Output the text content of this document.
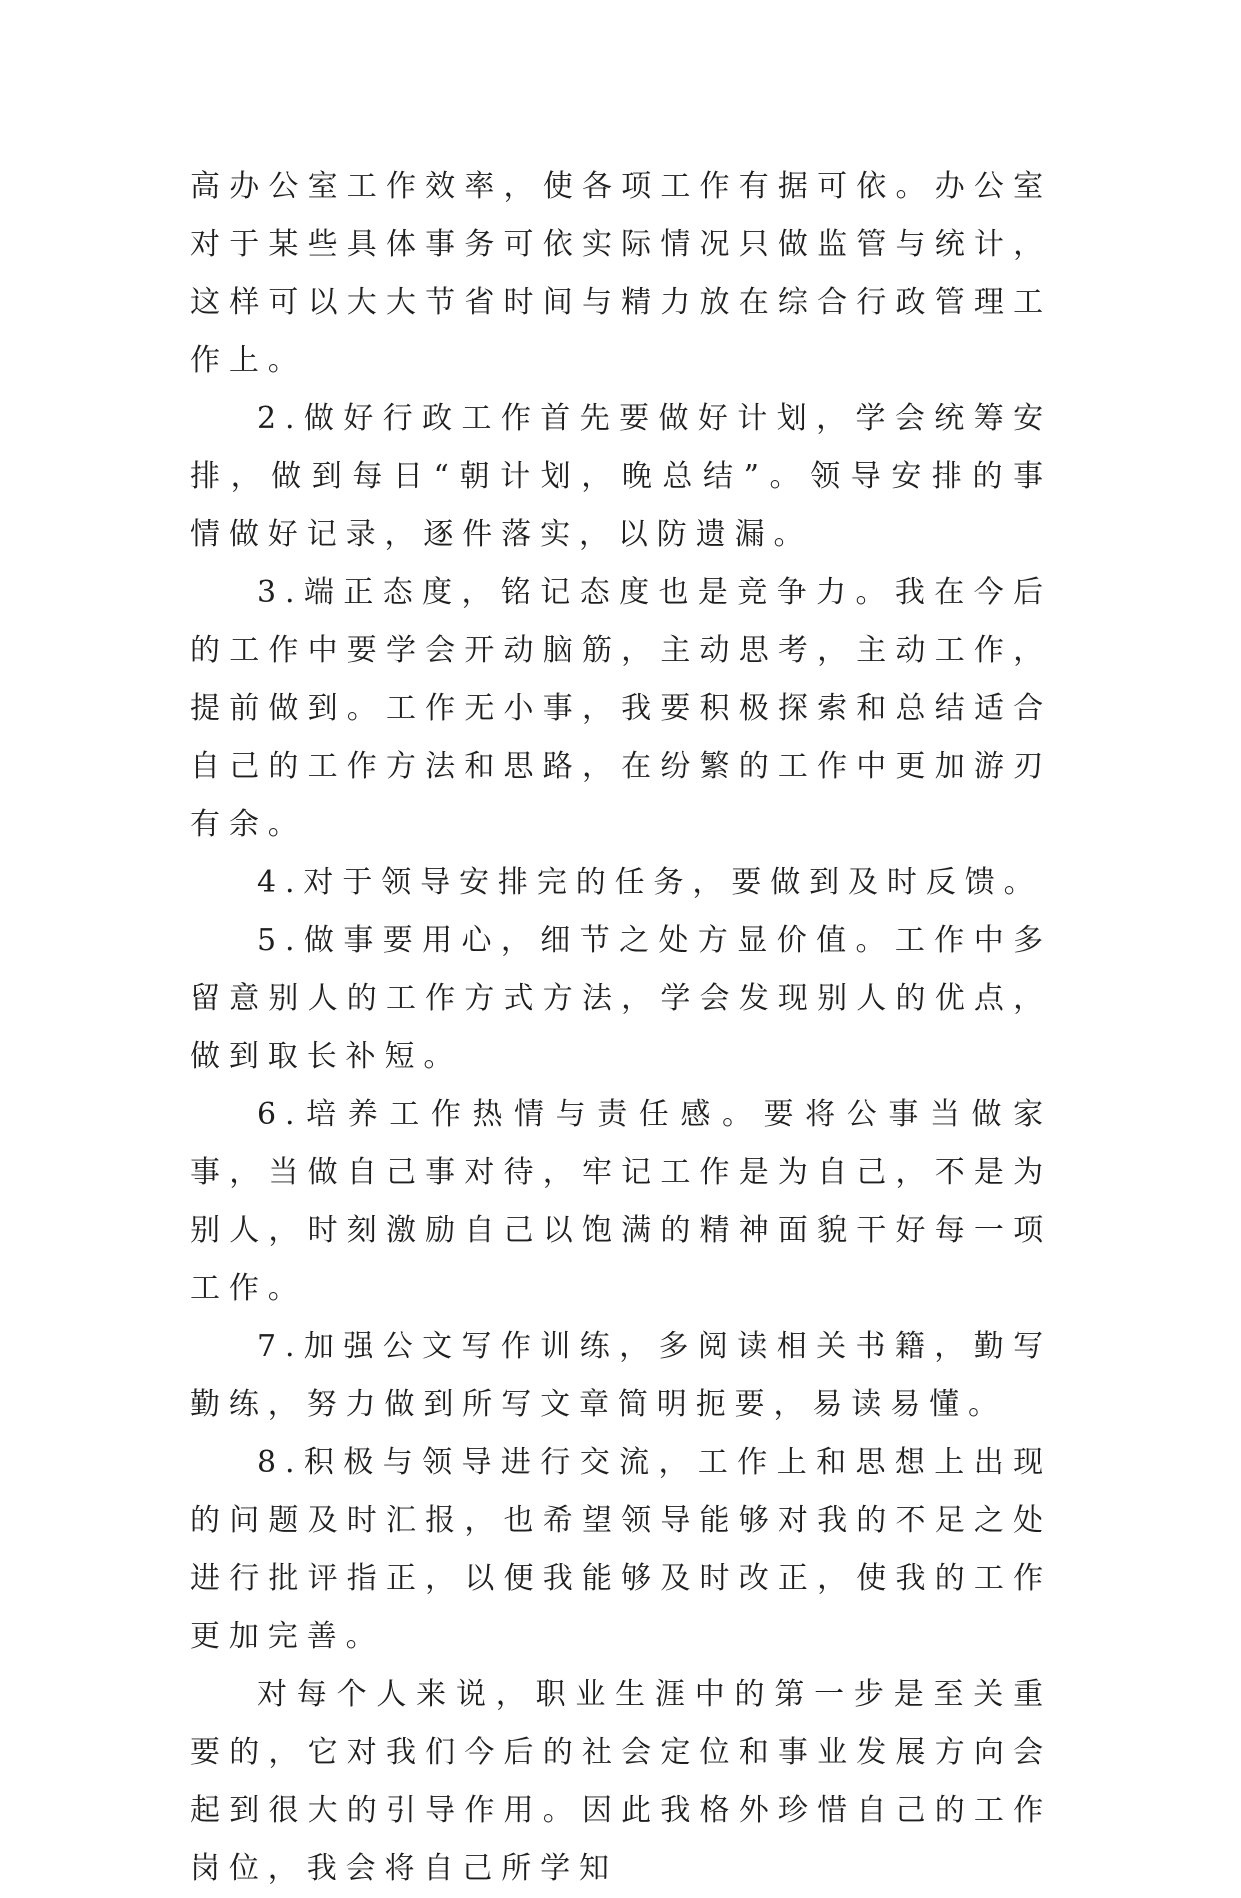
高办公室工作效率，使各项工作有据可依。办公室对于某些具体事务可依实际情况只做监管与统计，这样可以大大节省时间与精力放在综合行政管理工作上。

2.做好行政工作首先要做好计划，学会统筹安排，做到每日“朝计划，晚总结”。领导安排的事情做好记录，逐件落实，以防遗漏。

3.端正态度，铭记态度也是竞争力。我在今后的工作中要学会开动脑筋，主动思考，主动工作，提前做到。工作无小事，我要积极探索和总结适合自己的工作方法和思路，在纷繁的工作中更加游刃有余。

4.对于领导安排完的任务，要做到及时反馈。

5.做事要用心，细节之处方显价值。工作中多留意别人的工作方式方法，学会发现别人的优点，做到取长补短。

6.培养工作热情与责任感。要将公事当做家事，当做自己事对待，牢记工作是为自己，不是为别人，时刻激励自己以饱满的精神面貌干好每一项工作。

7.加强公文写作训练，多阅读相关书籍，勤写勤练，努力做到所写文章简明扼要，易读易懂。

8.积极与领导进行交流，工作上和思想上出现的问题及时汇报，也希望领导能够对我的不足之处进行批评指正，以便我能够及时改正，使我的工作更加完善。

对每个人来说，职业生涯中的第一步是至关重要的，它对我们今后的社会定位和事业发展方向会起到很大的引导作用。因此我格外珍惜自己的工作岗位，我会将自己所学知
